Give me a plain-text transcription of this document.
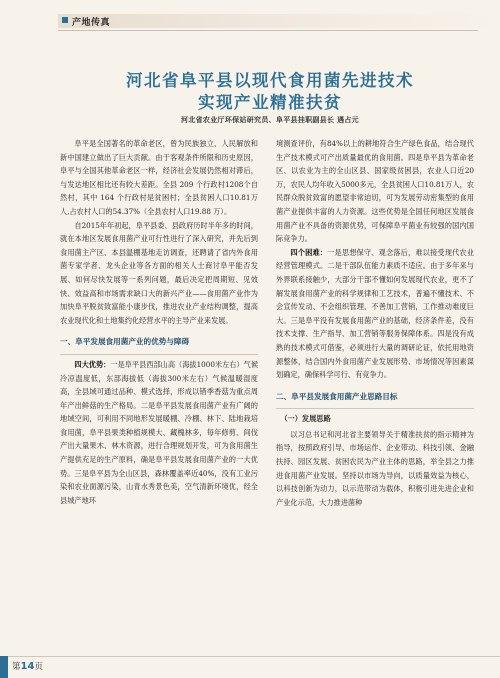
产地传真
河北省阜平县以现代食用菌先进技术
实现产业精准扶贫
河北省农业厅环保站研究员、阜平县挂职副县长 遇占元

阜平是全国著名的革命老区，曾为民族独立、人民解放和新中国建立做出了巨大贡献。由于客观条件所限和历史原因，阜平与全国其他革命老区一样，经济社会发展仍然相对滞后，与发达地区相比还有较大差距。全县 209 个行政村1208个自然村，其中 164 个行政村是贫困村；全县贫困人口10.81万人,占农村人口的54.37%（全县农村人口19.88 万）。

自2015年年初起，阜平县委、县政府历时半年多的时间，就在本地区发展食用菌产业可行性进行了深入研究，并先后到食用菌主产区、本县温棚基地走访调查，还聘请了省内外食用菌专家学者、龙头企业等各方面的相关人士商讨阜平能否发展、如何尽快发展等一系列问题，最后决定把周期短、见效快、效益高和市场需求缺口大的新兴产业——食用菌产业作为加快阜平脱贫致富能小康步伐，推进农业产业结构调整，提高农业现代化和土地集约化经营水平的主导产业来发展。

一、阜平发展食用菌产业的优势与障碍

四大优势：一是阜平县西部山高（海拔1000米左右）气候冷凉温度低，东部海拔低（海拔300米左右）气候温暖湿度高，全县域可通过品种、模式选择，形成以错季香菇为重点周年产出鲜菇的生产格局。二是阜平县发展食用菌产业有广阔的地域空间，可利用不同地形发展暖棚、冷棚、林下、陆地栽培食用菌，阜平县果类种植规模大、藏槐林多，每年修剪、间伐产出大量果木、林木资源，进行合理规划开发，可为食用菌生产提供充足的生产原料，确是阜平县发展食用菌产业的一大优势。三是阜平县为全山区县，森林覆盖率近40%，没有工业污染和农业面源污染，山青水秀景色美，空气清新环境优，经全县城产地环

境测查评价，有84%以上的耕地符合生产绿色食品，结合现代生产技术模式可产出质量最优的食用菌。四是阜平县为革命老区、以农业为主的全山区县、国家级贫困县，农业人口近20万，农民人均年收入5000多元，全县贫困人口10.81万人，农民群众脱贫致富的愿望非常迫切，可为发展劳动密集型的食用菌产业提供丰富的人力资源。这些优势是全国任何地区发展食用菌产业不具备的资源优势，可保障阜平菌业有较强的国内国际竞争力。

四个困难：一是思想保守、观念落后，难以接受现代农业经营管理模式。二是干部队伍能力素质不适应。由于多年来与外界联系接触少，大部分干部不懂如何发展现代农业，更不了解发展食用菌产业的科学规律和工艺技术，普遍不懂技术、不会宣传发动、不会组织管理、不善加工营销，工作推动难度巨大。三是阜平没有发展食用菌产业的基础，经济条件差，没有技术支撑、生产指导、加工营销等服务保障体系。四是没有成熟的技术模式可借鉴，必须进行大量的调研论证，依托用地资源整体，结合国内外食用菌产业发展形势、市场情况等因素谋划确定，确保科学可行、有竞争力。

二、阜平县发展食用菌产业思路目标

（一）发展思路

以习总书记和河北省主要领导关于精准扶贫的指示精神为指导，按照政府引导、市场运作、企业带动、科技引领、金融扶持、园区发展、贫困农民为产业主体的思路，举全县之力推进食用菌产业发展。坚持以市场为导向，以质量效益为核心，以科技创新为动力，以示范带动为载体，积极引进先进企业和产业化示范，大力推进菌种

第14页
